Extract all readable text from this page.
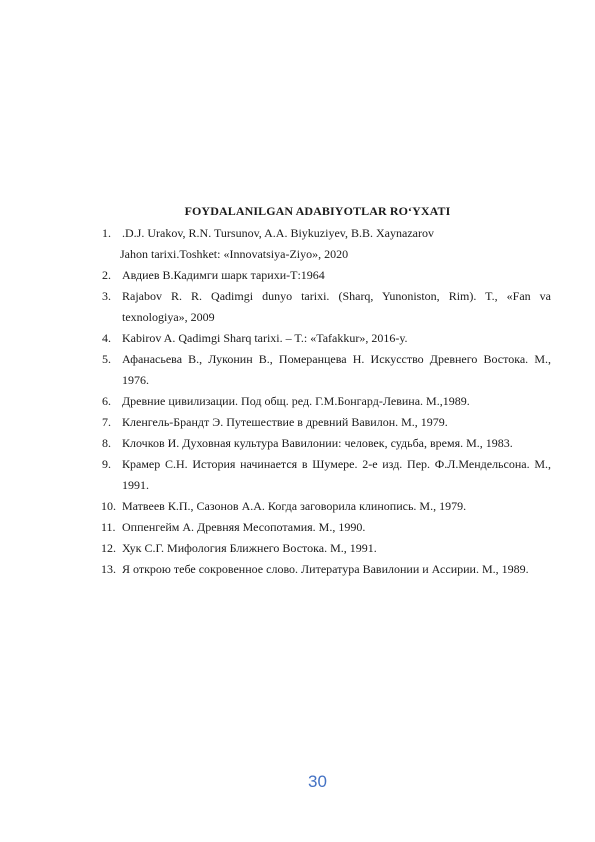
FOYDALANILGAN ADABIYOTLAR RO‘YXATI
1. .D.J. Urakov, R.N. Tursunov, A.A. Biykuziyev, B.B. Xaynazarov
Jahon tarixi.Toshket: «Innovatsiya-Ziyo», 2020
2. Авдиев В.Кадимги шарк тарихи-Т:1964
3. Rajabov R. R. Qadimgi dunyo tarixi. (Sharq, Yunoniston, Rim). T., «Fan va texnologiya», 2009
4. Kabirov A. Qadimgi Sharq tarixi. – T.: «Tafakkur», 2016-y.
5. Афанасьева В., Луконин В., Померанцева Н. Искусство Древнего Востока. М., 1976.
6. Древние цивилизации. Под общ. ред. Г.М.Бонгард-Левина. М.,1989.
7. Кленгель-Брандт Э. Путешествие в древний Вавилон. М., 1979.
8. Клочков И. Духовная культура Вавилонии: человек, судьба, время. М., 1983.
9. Крамер С.Н. История начинается в Шумере. 2-е изд. Пер. Ф.Л.Мендельсона. М., 1991.
10. Матвеев К.П., Сазонов А.А. Когда заговорила клинопись. М., 1979.
11. Оппенгейм А. Древняя Месопотамия. М., 1990.
12. Хук С.Г. Мифология Ближнего Востока. М., 1991.
13. Я открою тебе сокровенное слово. Литература Вавилонии и Ассирии. М., 1989.
30
